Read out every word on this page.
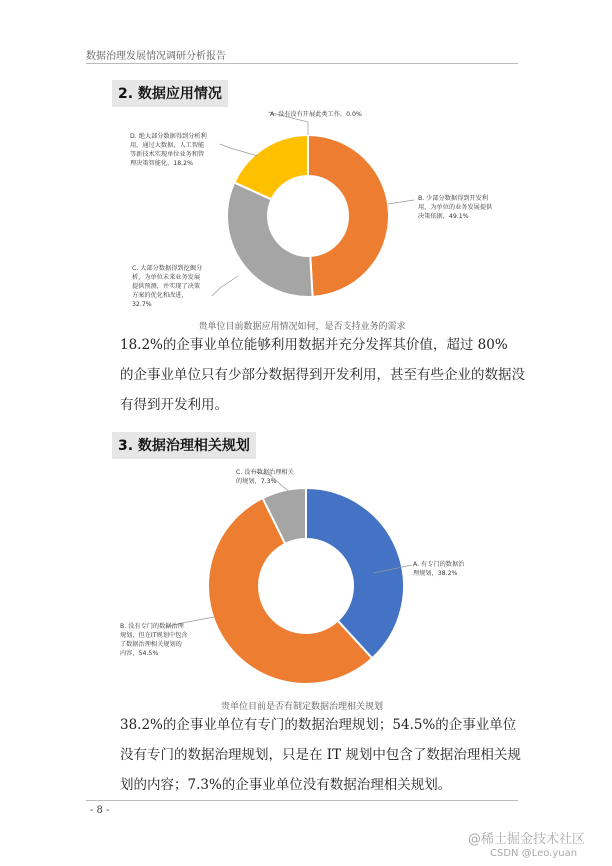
数据治理发展情况调研分析报告
2. 数据应用情况
A. 没有没有开展此类工作，0.0%
B. 少部分数据得到开发利
用，为单位的业务发展提供
决策依据，49.1%
C. 大部分数据得到挖掘分
析，为单位未来业务发展
提供预测，并实现了决策
方案的优化和改进，
32.7%
D. 绝大部分数据得到分析利
用，通过大数据，人工智能
等新技术实现单位业务和管
理决策智能化，18.2%
贵单位目前数据应用情况如何，是否支持业务的需求
18.2%的企事业单位能够利用数据并充分发挥其价值，超过 80%
的企事业单位只有少部分数据得到开发利用，甚至有些企业的数据没
有得到开发利用。
3. 数据治理相关规划
C. 没有数据治理相关
的规划，7.3%
A. 有专门的数据治
理规划，38.2%
B. 没有专门的数据治理
规划，但在IT规划中包含
了数据治理相关规划的
内容，54.5%
贵单位目前是否有制定数据治理相关规划
38.2%的企事业单位有专门的数据治理规划；54.5%的企事业单位
没有专门的数据治理规划，只是在 IT 规划中包含了数据治理相关规
划的内容；7.3%的企事业单位没有数据治理相关规划。
- 8 -
@稀土掘金技术社区
CSDN @Leo.yuan
